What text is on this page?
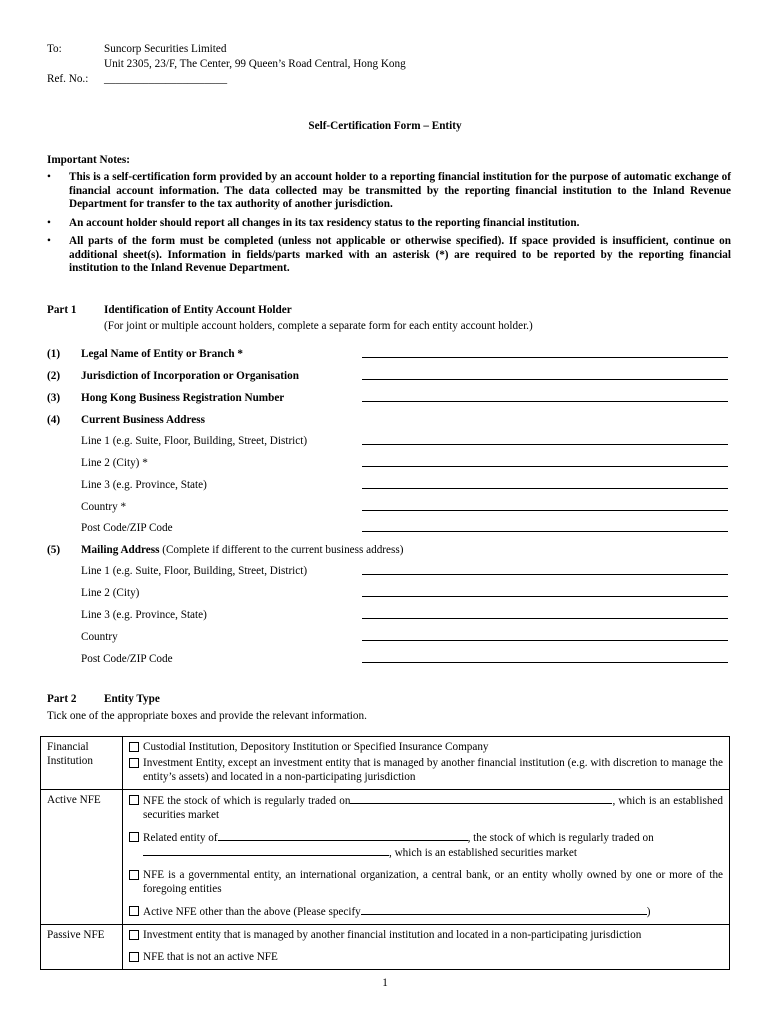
To:	Suncorp Securities Limited
Unit 2305, 23/F, The Center, 99 Queen’s Road Central, Hong Kong
Ref. No.: ______________________
Self-Certification Form – Entity
Important Notes:
• This is a self-certification form provided by an account holder to a reporting financial institution for the purpose of automatic exchange of financial account information. The data collected may be transmitted by the reporting financial institution to the Inland Revenue Department for transfer to the tax authority of another jurisdiction.
• An account holder should report all changes in its tax residency status to the reporting financial institution.
• All parts of the form must be completed (unless not applicable or otherwise specified). If space provided is insufficient, continue on additional sheet(s). Information in fields/parts marked with an asterisk (*) are required to be reported by the reporting financial institution to the Inland Revenue Department.
Part 1 Identification of Entity Account Holder
(For joint or multiple account holders, complete a separate form for each entity account holder.)
(1) Legal Name of Entity or Branch *
(2) Jurisdiction of Incorporation or Organisation
(3) Hong Kong Business Registration Number
(4) Current Business Address
Line 1 (e.g. Suite, Floor, Building, Street, District)
Line 2 (City) *
Line 3 (e.g. Province, State)
Country *
Post Code/ZIP Code
(5) Mailing Address (Complete if different to the current business address)
Line 1 (e.g. Suite, Floor, Building, Street, District)
Line 2 (City)
Line 3 (e.g. Province, State)
Country
Post Code/ZIP Code
Part 2 Entity Type
Tick one of the appropriate boxes and provide the relevant information.
Financial Institution	Custodial Institution, Depository Institution or Specified Insurance Company
Investment Entity, except an investment entity that is managed by another financial institution (e.g. with discretion to manage the entity’s assets) and located in a non-participating jurisdiction

Active NFE	NFE the stock of which is regularly traded on , which is an established securities market
Related entity of , the stock of which is regularly traded on
, which is an established securities market
NFE is a governmental entity, an international organization, a central bank, or an entity wholly owned by one or more of the foregoing entities
Active NFE other than the above (Please specify )

Passive NFE	Investment entity that is managed by another financial institution and located in a non-participating jurisdiction
NFE that is not an active NFE
1
